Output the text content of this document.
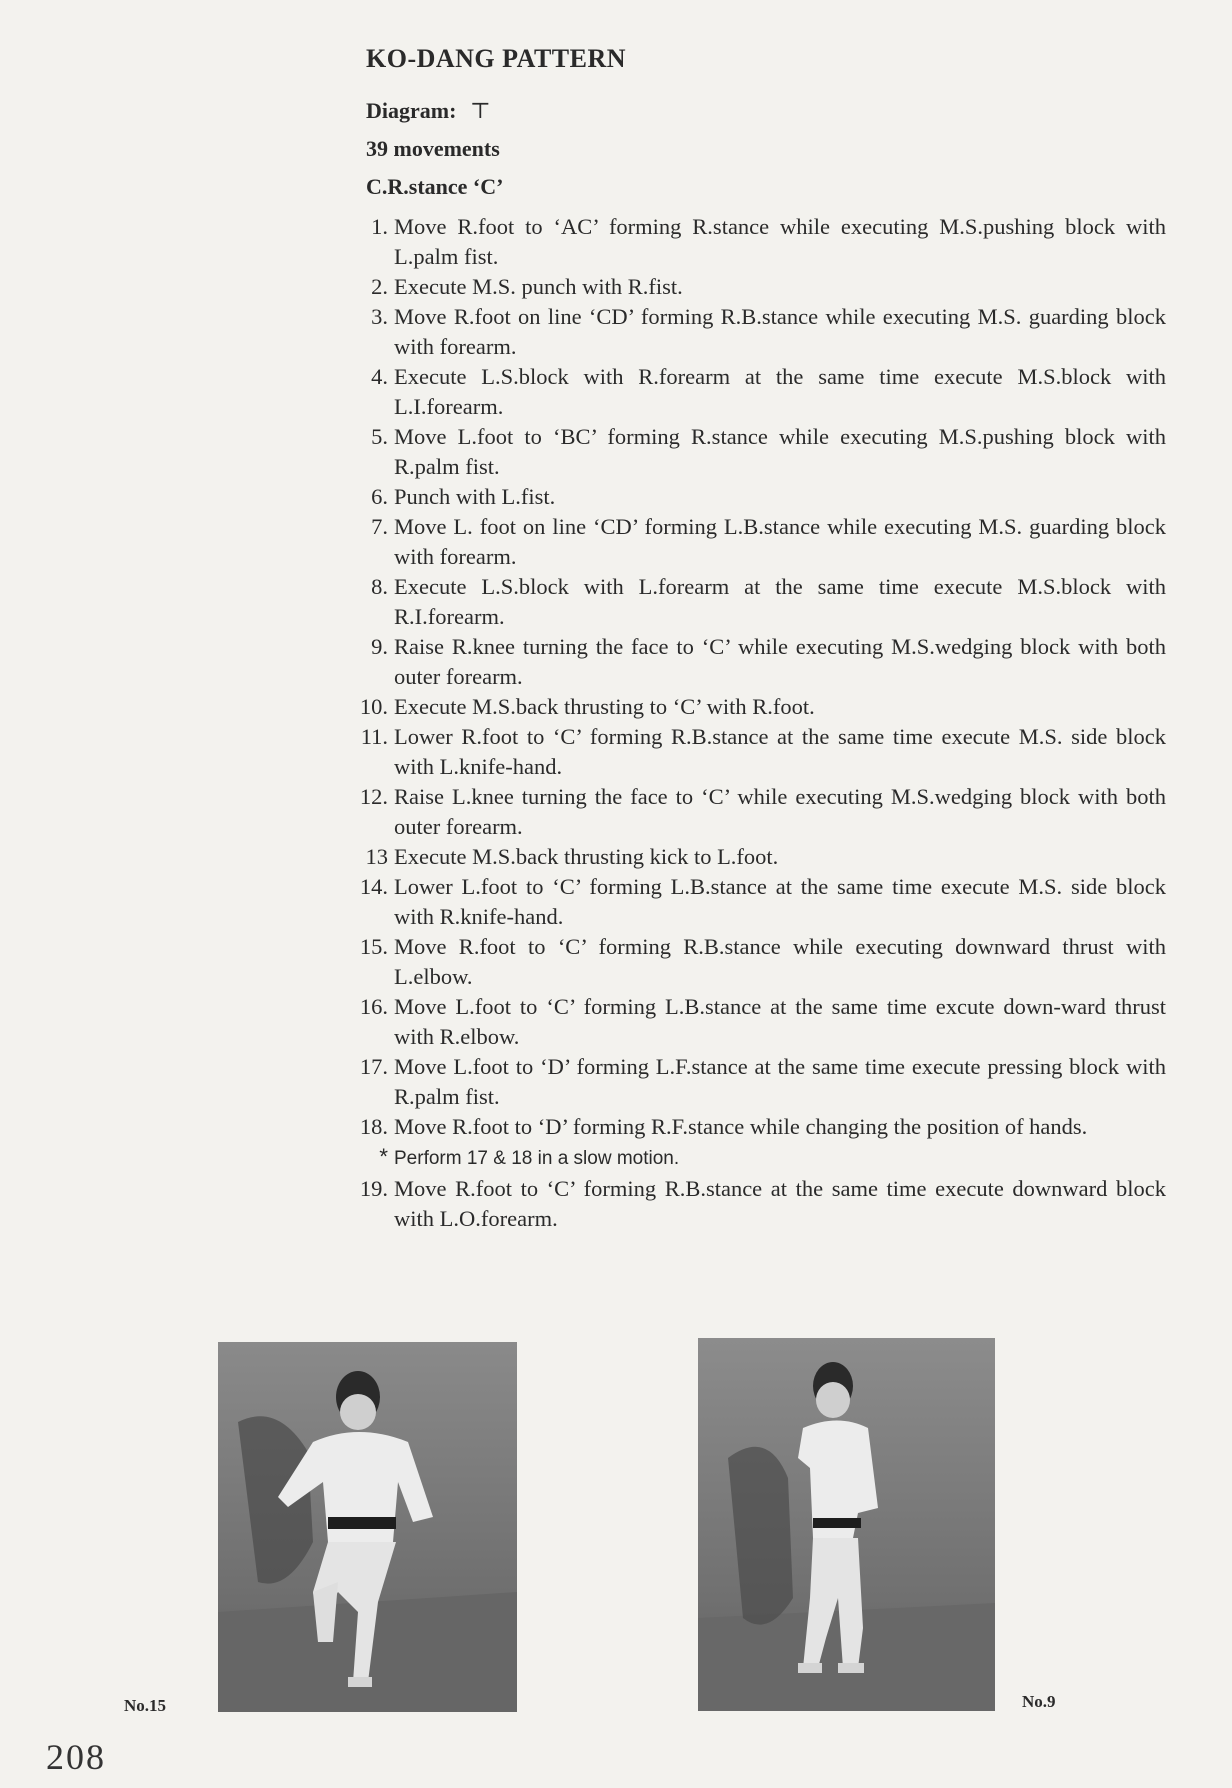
KO-DANG PATTERN
Diagram: ⊤
39 movements
C.R.stance ‘C’
1. Move R.foot to ‘AC’ forming R.stance while executing M.S.pushing block with L.palm fist.
2. Execute M.S. punch with R.fist.
3. Move R.foot on line ‘CD’ forming R.B.stance while executing M.S. guarding block with forearm.
4. Execute L.S.block with R.forearm at the same time execute M.S.block with L.I.forearm.
5. Move L.foot to ‘BC’ forming R.stance while executing M.S.pushing block with R.palm fist.
6. Punch with L.fist.
7. Move L. foot on line ‘CD’ forming L.B.stance while executing M.S. guarding block with forearm.
8. Execute L.S.block with L.forearm at the same time execute M.S.block with R.I.forearm.
9. Raise R.knee turning the face to ‘C’ while executing M.S.wedging block with both outer forearm.
10. Execute M.S.back thrusting to ‘C’ with R.foot.
11. Lower R.foot to ‘C’ forming R.B.stance at the same time execute M.S. side block with L.knife-hand.
12. Raise L.knee turning the face to ‘C’ while executing M.S.wedging block with both outer forearm.
13 Execute M.S.back thrusting kick to L.foot.
14. Lower L.foot to ‘C’ forming L.B.stance at the same time execute M.S. side block with R.knife-hand.
15. Move R.foot to ‘C’ forming R.B.stance while executing downward thrust with L.elbow.
16. Move L.foot to ‘C’ forming L.B.stance at the same time excute down-ward thrust with R.elbow.
17. Move L.foot to ‘D’ forming L.F.stance at the same time execute pressing block with R.palm fist.
18. Move R.foot to ‘D’ forming R.F.stance while changing the position of hands.
* Perform 17 & 18 in a slow motion.
19. Move R.foot to ‘C’ forming R.B.stance at the same time execute downward block with L.O.forearm.
No.15	No.9
208
